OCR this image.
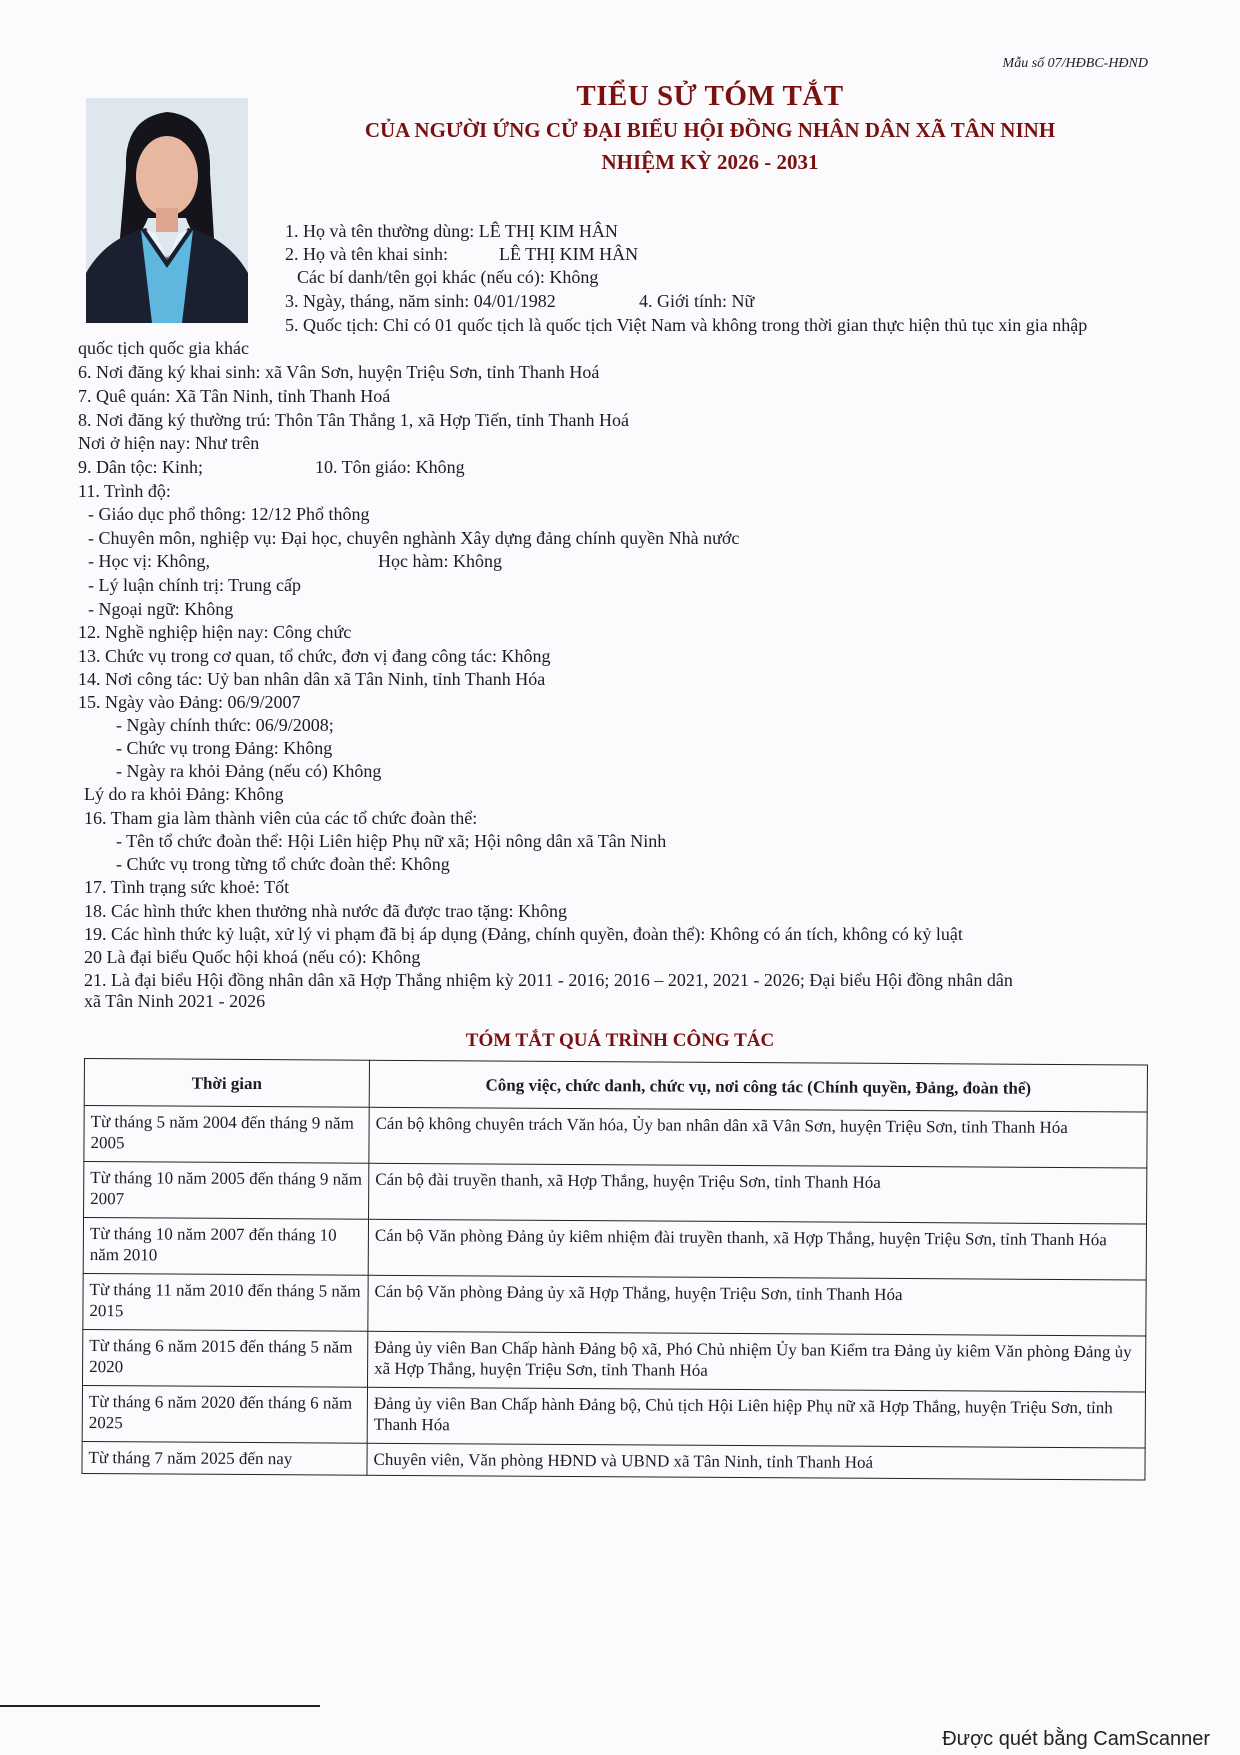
Mẫu số 07/HĐBC-HĐND
TIỂU SỬ TÓM TẮT
CỦA NGƯỜI ỨNG CỬ ĐẠI BIỂU HỘI ĐỒNG NHÂN DÂN XÃ TÂN NINH
NHIỆM KỲ 2026 - 2031
1. Họ và tên thường dùng: LÊ THỊ KIM HÂN
2. Họ và tên khai sinh:	LÊ THỊ KIM HÂN
Các bí danh/tên gọi khác (nếu có): Không
3. Ngày, tháng, năm sinh: 04/01/1982	4. Giới tính: Nữ
5. Quốc tịch: Chỉ có 01 quốc tịch là quốc tịch Việt Nam và không trong thời gian thực hiện thủ tục xin gia nhập
quốc tịch quốc gia khác
6. Nơi đăng ký khai sinh: xã Vân Sơn, huyện Triệu Sơn, tỉnh Thanh Hoá
7. Quê quán: Xã Tân Ninh, tỉnh Thanh Hoá
8. Nơi đăng ký thường trú: Thôn Tân Thắng 1, xã Hợp Tiến, tỉnh Thanh Hoá
Nơi ở hiện nay: Như trên
9. Dân tộc: Kinh;	10. Tôn giáo: Không
11. Trình độ:
- Giáo dục phổ thông: 12/12 Phổ thông
- Chuyên môn, nghiệp vụ: Đại học, chuyên nghành Xây dựng đảng chính quyền Nhà nước
- Học vị: Không,	Học hàm: Không
- Lý luận chính trị: Trung cấp
- Ngoại ngữ: Không
12. Nghề nghiệp hiện nay: Công chức
13. Chức vụ trong cơ quan, tổ chức, đơn vị đang công tác: Không
14. Nơi công tác: Uỷ ban nhân dân xã Tân Ninh, tỉnh Thanh Hóa
15. Ngày vào Đảng: 06/9/2007
- Ngày chính thức: 06/9/2008;
- Chức vụ trong Đảng: Không
- Ngày ra khỏi Đảng (nếu có) Không
Lý do ra khỏi Đảng: Không
16. Tham gia làm thành viên của các tổ chức đoàn thể:
- Tên tổ chức đoàn thể: Hội Liên hiệp Phụ nữ xã; Hội nông dân xã Tân Ninh
- Chức vụ trong từng tổ chức đoàn thể: Không
17. Tình trạng sức khoẻ: Tốt
18. Các hình thức khen thưởng nhà nước đã được trao tặng: Không
19. Các hình thức kỷ luật, xử lý vi phạm đã bị áp dụng (Đảng, chính quyền, đoàn thể): Không có án tích, không có kỷ luật
20 Là đại biểu Quốc hội khoá (nếu có): Không
21. Là đại biểu Hội đồng nhân dân xã Hợp Thắng nhiệm kỳ 2011 - 2016; 2016 – 2021, 2021 - 2026; Đại biểu Hội đồng nhân dân
xã Tân Ninh 2021 - 2026
TÓM TẮT QUÁ TRÌNH CÔNG TÁC
Thời gian	Công việc, chức danh, chức vụ, nơi công tác (Chính quyền, Đảng, đoàn thể)
Từ tháng 5 năm 2004 đến tháng 9 năm 2005	Cán bộ không chuyên trách Văn hóa, Ủy ban nhân dân xã Vân Sơn, huyện Triệu Sơn, tỉnh Thanh Hóa
Từ tháng 10 năm 2005 đến tháng 9 năm 2007	Cán bộ đài truyền thanh, xã Hợp Thắng, huyện Triệu Sơn, tỉnh Thanh Hóa
Từ tháng 10 năm 2007 đến tháng 10 năm 2010	Cán bộ Văn phòng Đảng ủy kiêm nhiệm đài truyền thanh, xã Hợp Thắng, huyện Triệu Sơn, tỉnh Thanh Hóa
Từ tháng 11 năm 2010 đến tháng 5 năm 2015	Cán bộ Văn phòng Đảng ủy xã Hợp Thắng, huyện Triệu Sơn, tỉnh Thanh Hóa
Từ tháng 6 năm 2015 đến tháng 5 năm 2020	Đảng ủy viên Ban Chấp hành Đảng bộ xã, Phó Chủ nhiệm Ủy ban Kiểm tra Đảng ủy kiêm Văn phòng Đảng ủy xã Hợp Thắng, huyện Triệu Sơn, tỉnh Thanh Hóa
Từ tháng 6 năm 2020 đến tháng 6 năm 2025	Đảng ủy viên Ban Chấp hành Đảng bộ, Chủ tịch Hội Liên hiệp Phụ nữ xã Hợp Thắng, huyện Triệu Sơn, tỉnh Thanh Hóa
Từ tháng 7 năm 2025 đến nay	Chuyên viên, Văn phòng HĐND và UBND xã Tân Ninh, tỉnh Thanh Hoá
Được quét bằng CamScanner
